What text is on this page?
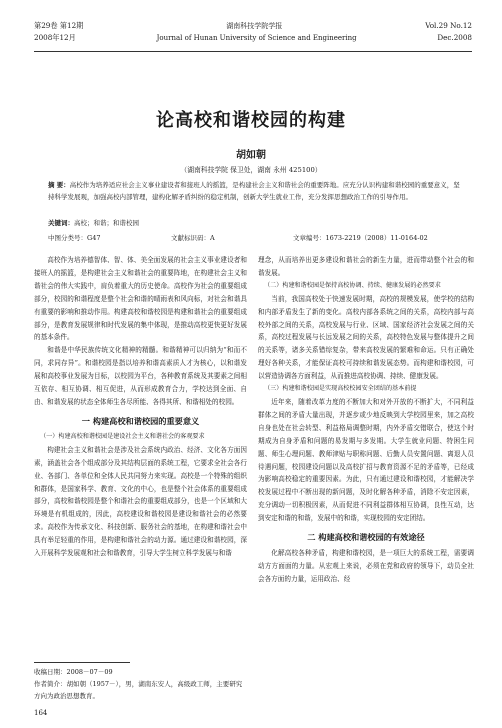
第29卷 第12期	湖南科技学院学报	Vol.29 No.12
2008年12月	Journal of Hunan University of Science and Engineering	Dec.2008
论高校和谐校园的构建
胡如朝
（湖南科技学院 保卫处，湖南 永州 425100）
摘 要：高校作为培养适应社会主义事业建设者和接班人的摇篮，是构建社会主义和谐社会的重要阵地。应充分认识构建和谐校园的重要意义，坚持科学发展观，加强高校内部管理，建构化解矛盾纠纷的稳定机制，创新大学生就业工作，充分发挥思想政治工作的引导作用。
关键词：高校；和谐；和谐校园
中图分类号：G47	文献标识码：A	文章编号：1673-2219（2008）11-0164-02

高校作为培养德智体、智、体、美全面发展的社会主义事业建设者和接班人的摇篮，是构建社会主义和谐社会的重要阵地，在构建社会主义和谐社会的伟大实践中，肩负着重大的历史使命。高校作为社会的重要组成部分，校园的和谐程度是整个社会和谐的晴雨表和风向标，对社会和谐具有重要的影响和推动作用。构建高校和谐校园是构建和谐社会的重要组成部分，是教育发展规律和时代发展的集中体现，是推动高校更快更好发展的基本条件。

和谐是中华民族传统文化精神的精髓。和谐精神可以归纳为“和而不同，求同存异”。和谐校园是指以培养和谐高素质人才为核心，以和谐发展和高校事业发展为目标，以校园为平台，各种教育系统及其要素之间相互依存、相互协调、相互促进，从而形成教育合力，学校达到全面、自由、和谐发展的状态全体师生各尽所能、各得其所、和谐相处的校园。

一 构建高校和谐校园的重要意义

（一）构建高校和谐校园是建设社会主义和谐社会的客观要求

构建社会主义和谐社会是涉及社会系统内政治、经济、文化各方面因素，涵盖社会各个组成部分及其结构层面的系统工程，它要求全社会各行业、各部门、各单位和全体人民共同努力来实现。高校是一个特殊的组织和群体，是国家科学、教育、文化的中心，也是整个社会体系的重要组成部分，高校和谐校园是整个和谐社会的重要组成部分，也是一个区域和大环境是有机组成的，因此，高校建设和谐校园是建设和谐社会的必然要求。高校作为传承文化、科技创新、服务社会的基地，在构建和谐社会中具有举足轻重的作用，是构建和谐社会的动力源。通过建设和谐校园，深入开展科学发展观和社会和谐教育，引导大学生树立科学发展与和谐

理念，从而培养出更多建设和谐社会的新生力量，进而带动整个社会的和谐发展。

（二）构建和谐校园是保持高校协调、持续、健康发展的必然要求

当前，我国高校处于快速发展时期，高校的规模发展，使学校的结构和内部矛盾发生了新的变化。高校内部各系统之间的关系，高校内部与高校外部之间的关系，高校发展与行业、区域、国家经济社会发展之间的关系，高校过程发展与长远发展之间的关系，高校特色发展与整体提升之间的关系等，诸多关系错综复杂，带来高校发展的繁难和命运。只有正确处理好各种关系，才能保证高校可持续和谐发展态势。而构建和谐校园，可以营造协调各方面利益，从而推进高校协调、持续、健康发展。

（三）构建和谐校园是实现高校校园安全团结的基本前提

近年来，随着改革力度的不断加大和对外开放的不断扩大，不同利益群体之间的矛盾大量出现，并逐步或少地反映到大学校园里来，加之高校自身也处在社会转型、利益格局调整时期，内外矛盾交错联合，使这个时期成为自身矛盾和问题的易发期与多发期。大学生就业问题、特困生问题、师生心理问题、教师津贴与职称问题、后勤人员安置问题、离退人员待遇问题，校园建设问题以及高校扩招与教育资源不足的矛盾等，已经成为影响高校稳定的重要因素。为此，只有通过建设和谐校园，才能解决学校发展过程中不断出现的新问题，及时化解各种矛盾，消除不安定因素，充分调动一切积极因素，从而促进不同利益群体相互协调，良性互动，达到安定和谐的和谐，发展中的和谐，实现校园的安定团结。

二 构建高校和谐校园的有效途径

化解高校各种矛盾，构建和谐校园，是一项巨大的系统工程，需要调动方方面面的力量。从宏观上来说，必须在党和政府的领导下，动员全社会各方面的力量，运用政治、经

收稿日期：2008－07－09
作者简介：胡如朝（1957－），男，湖南东安人，高级政工师，主要研究方向为政治思想教育。
164
